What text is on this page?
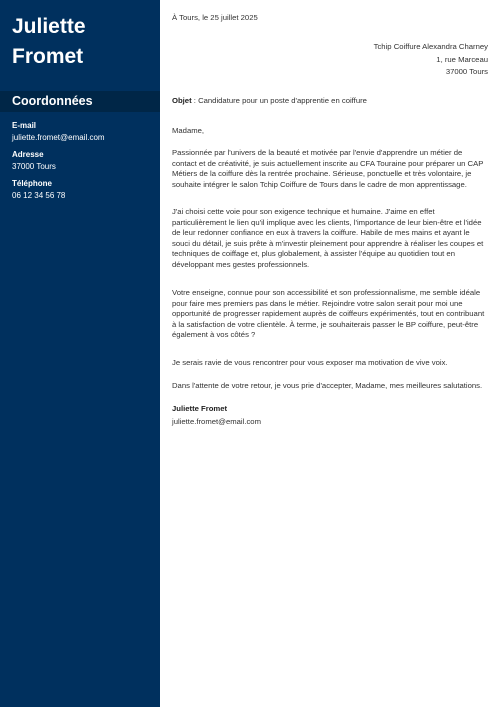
Juliette
Fromet
Coordonnées
E-mail
juliette.fromet@email.com
Adresse
37000 Tours
Téléphone
06 12 34 56 78
À Tours, le 25 juillet 2025
Tchip Coiffure Alexandra Charney
1, rue Marceau
37000 Tours
Objet : Candidature pour un poste d'apprentie en coiffure
Madame,
Passionnée par l'univers de la beauté et motivée par l'envie d'apprendre un métier de contact et de créativité, je suis actuellement inscrite au CFA Touraine pour préparer un CAP Métiers de la coiffure dès la rentrée prochaine. Sérieuse, ponctuelle et très volontaire, je souhaite intégrer le salon Tchip Coiffure de Tours dans le cadre de mon apprentissage.
J'ai choisi cette voie pour son exigence technique et humaine. J'aime en effet particulièrement le lien qu'il implique avec les clients, l'importance de leur bien-être et l'idée de leur redonner confiance en eux à travers la coiffure. Habile de mes mains et ayant le souci du détail, je suis prête à m'investir pleinement pour apprendre à réaliser les coupes et techniques de coiffage et, plus globalement, à assister l'équipe au quotidien tout en développant mes gestes professionnels.
Votre enseigne, connue pour son accessibilité et son professionnalisme, me semble idéale pour faire mes premiers pas dans le métier. Rejoindre votre salon serait pour moi une opportunité de progresser rapidement auprès de coiffeurs expérimentés, tout en contribuant à la satisfaction de votre clientèle. À terme, je souhaiterais passer le BP coiffure, peut-être également à vos côtés ?
Je serais ravie de vous rencontrer pour vous exposer ma motivation de vive voix.
Dans l'attente de votre retour, je vous prie d'accepter, Madame, mes meilleures salutations.
Juliette Fromet
juliette.fromet@email.com
